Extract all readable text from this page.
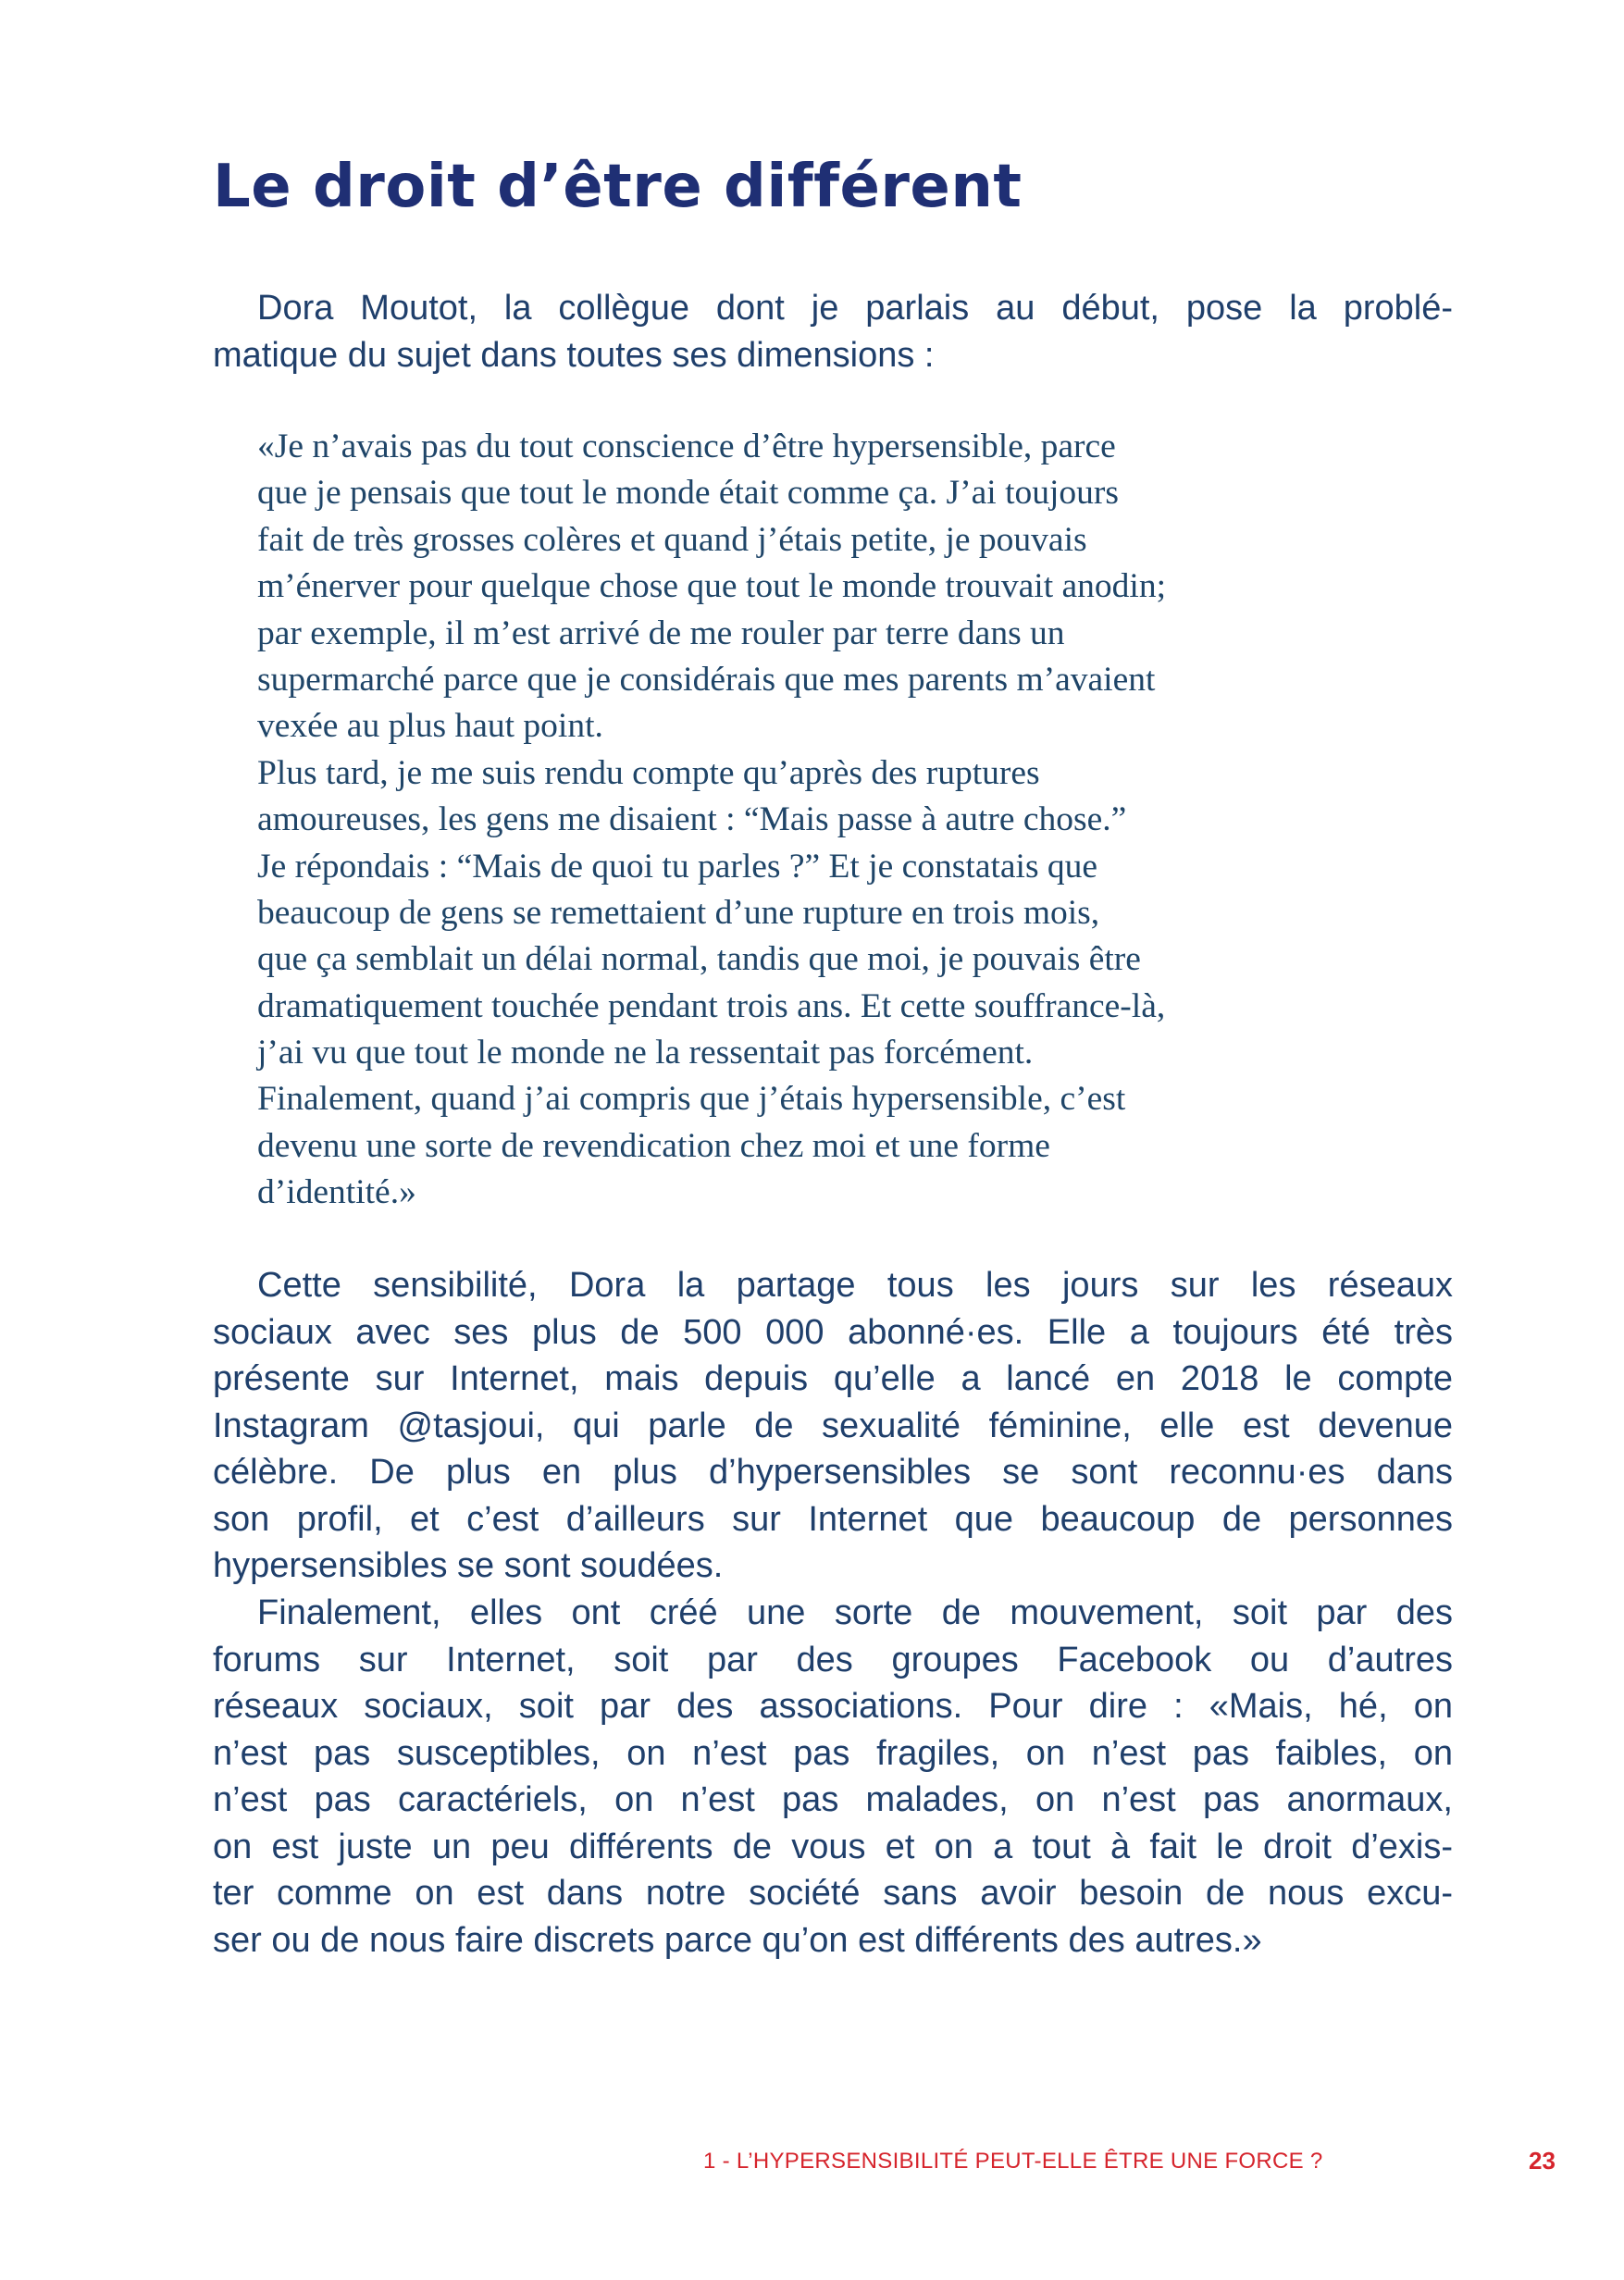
Le droit d’être différent
Dora Moutot, la collègue dont je parlais au début, pose la problé-
matique du sujet dans toutes ses dimensions :
«Je n’avais pas du tout conscience d’être hypersensible, parce
que je pensais que tout le monde était comme ça. J’ai toujours
fait de très grosses colères et quand j’étais petite, je pouvais
m’énerver pour quelque chose que tout le monde trouvait anodin;
par exemple, il m’est arrivé de me rouler par terre dans un
supermarché parce que je considérais que mes parents m’avaient
vexée au plus haut point.
Plus tard, je me suis rendu compte qu’après des ruptures
amoureuses, les gens me disaient : “Mais passe à autre chose.”
Je répondais : “Mais de quoi tu parles ?” Et je constatais que
beaucoup de gens se remettaient d’une rupture en trois mois,
que ça semblait un délai normal, tandis que moi, je pouvais être
dramatiquement touchée pendant trois ans. Et cette souffrance-là,
j’ai vu que tout le monde ne la ressentait pas forcément.
Finalement, quand j’ai compris que j’étais hypersensible, c’est
devenu une sorte de revendication chez moi et une forme
d’identité.»
Cette sensibilité, Dora la partage tous les jours sur les réseaux
sociaux avec ses plus de 500 000 abonné·es. Elle a toujours été très
présente sur Internet, mais depuis qu’elle a lancé en 2018 le compte
Instagram @tasjoui, qui parle de sexualité féminine, elle est devenue
célèbre. De plus en plus d’hypersensibles se sont reconnu·es dans
son profil, et c’est d’ailleurs sur Internet que beaucoup de personnes
hypersensibles se sont soudées.
Finalement, elles ont créé une sorte de mouvement, soit par des
forums sur Internet, soit par des groupes Facebook ou d’autres
réseaux sociaux, soit par des associations. Pour dire : «Mais, hé, on
n’est pas susceptibles, on n’est pas fragiles, on n’est pas faibles, on
n’est pas caractériels, on n’est pas malades, on n’est pas anormaux,
on est juste un peu différents de vous et on a tout à fait le droit d’exis-
ter comme on est dans notre société sans avoir besoin de nous excu-
ser ou de nous faire discrets parce qu’on est différents des autres.»
1 - L’HYPERSENSIBILITÉ PEUT-ELLE ÊTRE UNE FORCE ?	23
